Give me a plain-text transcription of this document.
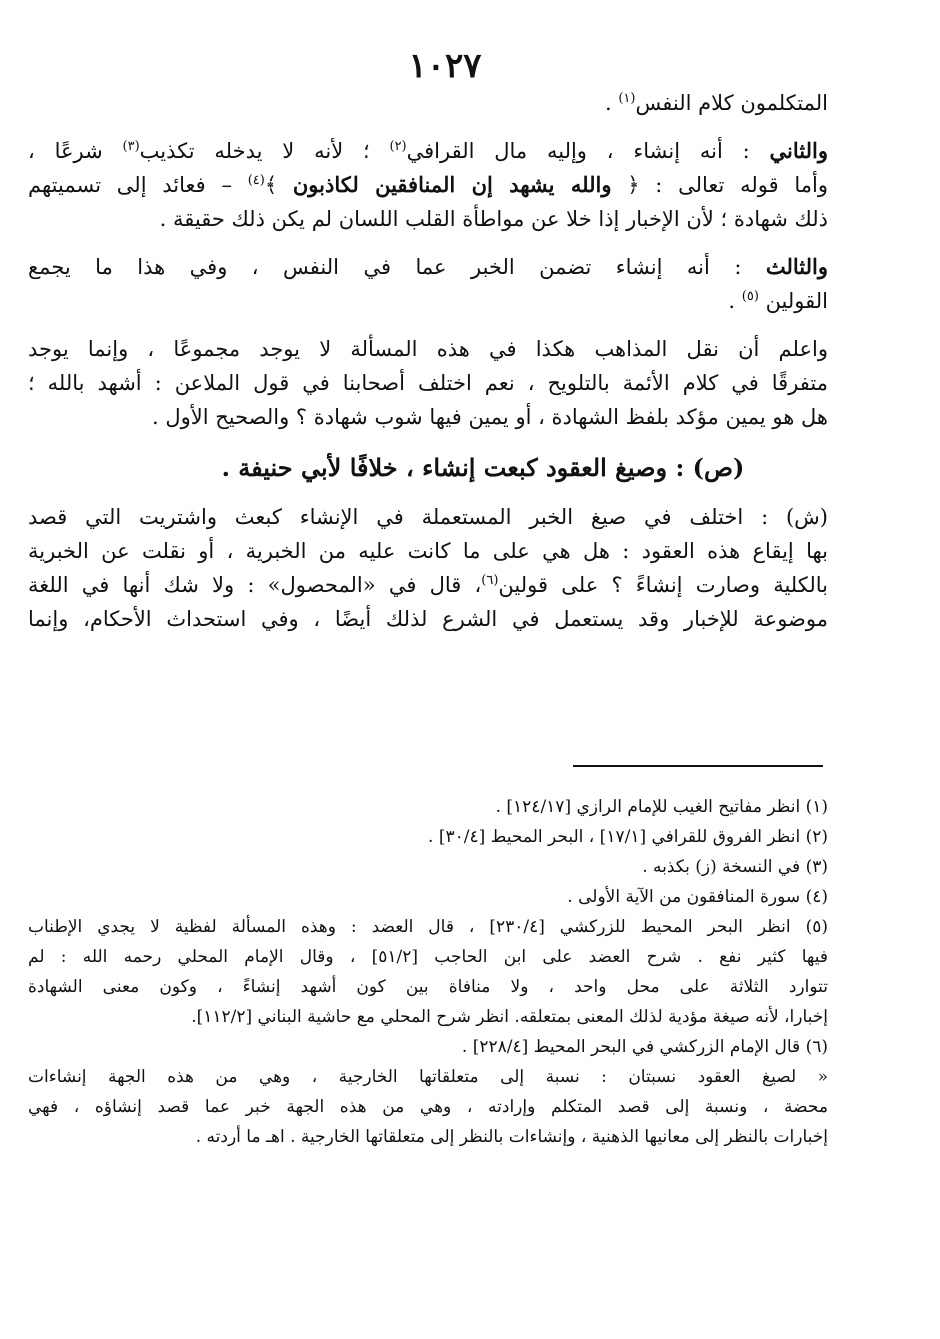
١٠٢٧
المتكلمون كلام النفس$^{(١)}$ .
والثاني : أنه إنشاء ، وإليه مال القرافي$^{(٢)}$ ؛ لأنه لا يدخله تكذيب$^{(٣)}$ شرعًا ،
وأما قوله تعالى : ﴿ والله يشهد إن المنافقين لكاذبون ﴾$^{(٤)}$ – فعائد إلى تسميتهم
ذلك شهادة ؛ لأن الإخبار إذا خلا عن مواطأة القلب اللسان لم يكن ذلك حقيقة .
والثالث : أنه إنشاء تضمن الخبر عما في النفس ، وفي هذا ما يجمع
القولين $^{(٥)}$ .
واعلم أن نقل المذاهب هكذا في هذه المسألة لا يوجد مجموعًا ، وإنما يوجد
متفرقًا في كلام الأئمة بالتلويح ، نعم اختلف أصحابنا في قول الملاعن : أشهد بالله ؛
هل هو يمين مؤكد بلفظ الشهادة ، أو يمين فيها شوب شهادة ؟ والصحيح الأول .
(ص) : وصيغ العقود كبعت إنشاء ، خلافًا لأبي حنيفة .
(ش) : اختلف في صيغ الخبر المستعملة في الإنشاء كبعث واشتريت التي قصد
بها إيقاع هذه العقود : هل هي على ما كانت عليه من الخبرية ، أو نقلت عن الخبرية
بالكلية وصارت إنشاءً ؟ على قولين$^{(٦)}$، قال في «المحصول» : ولا شك أنها في اللغة
موضوعة للإخبار وقد يستعمل في الشرع لذلك أيضًا ، وفي استحداث الأحكام، وإنما
(١) انظر مفاتيح الغيب للإمام الرازي [١٢٤/١٧] .
(٢) انظر الفروق للقرافي [١٧/١] ، البحر المحيط [٣٠/٤] .
(٣) في النسخة (ز) بكذبه .
(٤) سورة المنافقون من الآية الأولى .
(٥) انظر البحر المحيط للزركشي [٢٣٠/٤] ، قال العضد : وهذه المسألة لفظية لا يجدي الإطناب
فيها كثير نفع . شرح العضد على ابن الحاجب [٥١/٢] ، وقال الإمام المحلي رحمه الله : لم
تتوارد الثلاثة على محل واحد ، ولا منافاة بين كون أشهد إنشاءً ، وكون معنى الشهادة
إخبارا، لأنه صيغة مؤدية لذلك المعنى بمتعلقه. انظر شرح المحلي مع حاشية البناني [١١٢/٢].
(٦) قال الإمام الزركشي في البحر المحيط [٢٢٨/٤] .
« لصيغ العقود نسبتان : نسبة إلى متعلقاتها الخارجية ، وهي من هذه الجهة إنشاءات
محضة ، ونسبة إلى قصد المتكلم وإرادته ، وهي من هذه الجهة خبر عما قصد إنشاؤه ، فهي
إخبارات بالنظر إلى معانيها الذهنية ، وإنشاءات بالنظر إلى متعلقاتها الخارجية . اهـ ما أردته .
